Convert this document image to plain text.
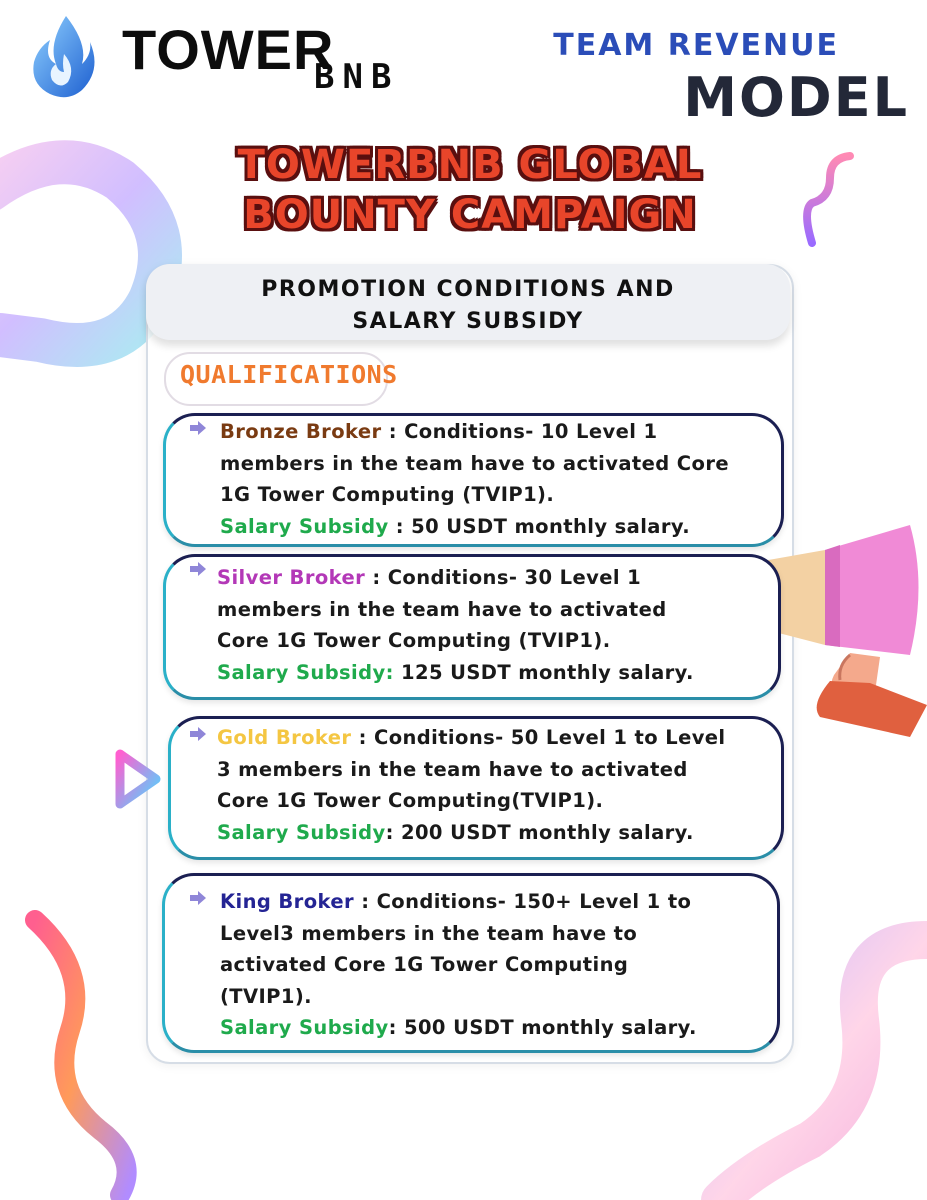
TOWER
BNB
TEAM REVENUE
MODEL
TOWERBNB GLOBAL
BOUNTY CAMPAIGN
PROMOTION CONDITIONS AND
SALARY SUBSIDY
QUALIFICATIONS
Bronze Broker : Conditions- 10 Level 1
members in the team have to activated Core
1G Tower Computing (TVIP1).
Salary Subsidy : 50 USDT monthly salary.
Silver Broker : Conditions- 30 Level 1
members in the team have to activated
Core 1G Tower Computing (TVIP1).
Salary Subsidy: 125 USDT monthly salary.
Gold Broker : Conditions- 50 Level 1 to Level
3 members in the team have to activated
Core 1G Tower Computing(TVIP1).
Salary Subsidy: 200 USDT monthly salary.
King Broker : Conditions- 150+ Level 1 to
Level3 members in the team have to
activated Core 1G Tower Computing
(TVIP1).
Salary Subsidy: 500 USDT monthly salary.
